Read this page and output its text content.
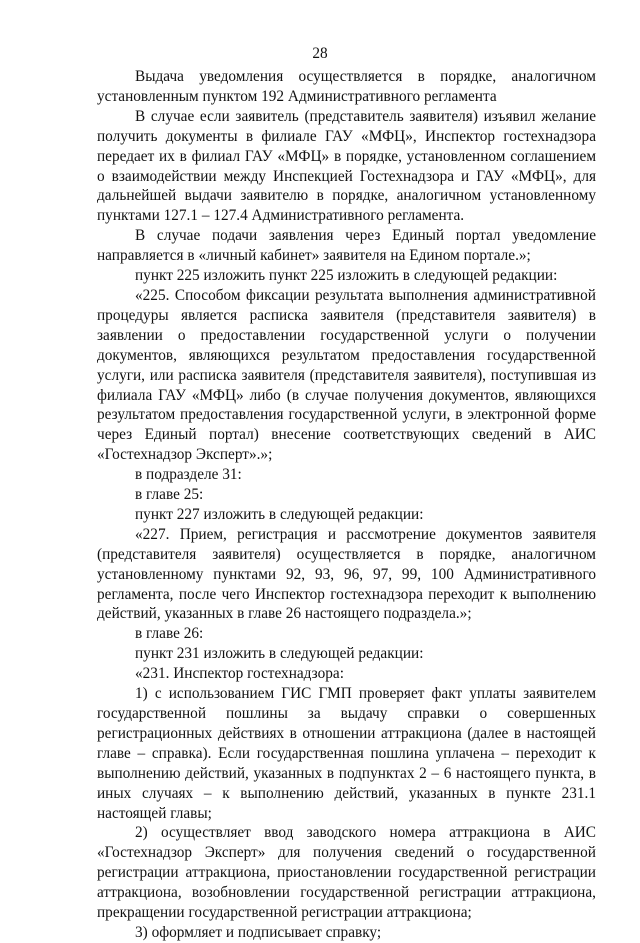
28

Выдача уведомления осуществляется в порядке, аналогичном установленным пунктом 192 Административного регламента

В случае если заявитель (представитель заявителя) изъявил желание получить документы в филиале ГАУ «МФЦ», Инспектор гостехнадзора передает их в филиал ГАУ «МФЦ» в порядке, установленном соглашением о взаимодействии между Инспекцией Гостехнадзора и ГАУ «МФЦ», для дальнейшей выдачи заявителю в порядке, аналогичном установленному пунктами 127.1 – 127.4 Административного регламента.

В случае подачи заявления через Единый портал уведомление направляется в «личный кабинет» заявителя на Едином портале.»;

пункт 225 изложить пункт 225 изложить в следующей редакции:

«225. Способом фиксации результата выполнения административной процедуры является расписка заявителя (представителя заявителя) в заявлении о предоставлении государственной услуги о получении документов, являющихся результатом предоставления государственной услуги, или расписка заявителя (представителя заявителя), поступившая из филиала ГАУ «МФЦ» либо (в случае получения документов, являющихся результатом предоставления государственной услуги, в электронной форме через Единый портал) внесение соответствующих сведений в АИС «Гостехнадзор Эксперт».»;

в подразделе 31:

в главе 25:

пункт 227 изложить в следующей редакции:

«227. Прием, регистрация и рассмотрение документов заявителя (представителя заявителя) осуществляется в порядке, аналогичном установленному пунктами 92, 93, 96, 97, 99, 100 Административного регламента, после чего Инспектор гостехнадзора переходит к выполнению действий, указанных в главе 26 настоящего подраздела.»;

в главе 26:

пункт 231 изложить в следующей редакции:

«231. Инспектор гостехнадзора:

1) с использованием ГИС ГМП проверяет факт уплаты заявителем государственной пошлины за выдачу справки о совершенных регистрационных действиях в отношении аттракциона (далее в настоящей главе – справка). Если государственная пошлина уплачена – переходит к выполнению действий, указанных в подпунктах 2 – 6 настоящего пункта, в иных случаях – к выполнению действий, указанных в пункте 231.1 настоящей главы;

2) осуществляет ввод заводского номера аттракциона в АИС «Гостехнадзор Эксперт» для получения сведений о государственной регистрации аттракциона, приостановлении государственной регистрации аттракциона, возобновлении государственной регистрации аттракциона, прекращении государственной регистрации аттракциона;

3) оформляет и подписывает справку;
